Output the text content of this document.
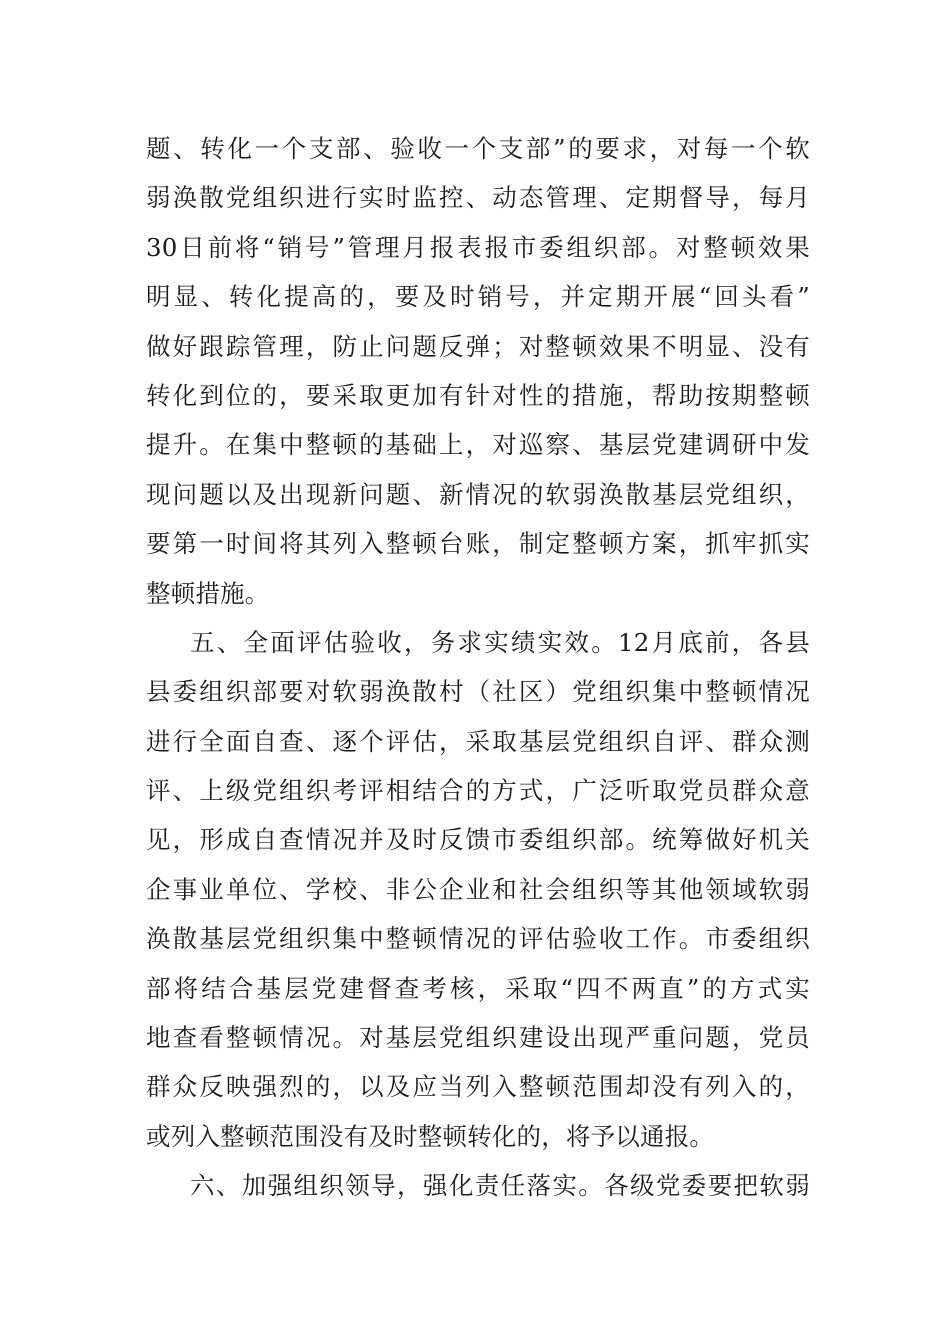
题、转化一个支部、验收一个支部”的要求，对每一个软
弱涣散党组织进行实时监控、动态管理、定期督导，每月
30日前将“销号”管理月报表报市委组织部。对整顿效果
明显、转化提高的，要及时销号，并定期开展“回头看”
做好跟踪管理，防止问题反弹；对整顿效果不明显、没有
转化到位的，要采取更加有针对性的措施，帮助按期整顿
提升。在集中整顿的基础上，对巡察、基层党建调研中发
现问题以及出现新问题、新情况的软弱涣散基层党组织，
要第一时间将其列入整顿台账，制定整顿方案，抓牢抓实
整顿措施。
五、全面评估验收，务求实绩实效。12月底前，各县
县委组织部要对软弱涣散村（社区）党组织集中整顿情况
进行全面自查、逐个评估，采取基层党组织自评、群众测
评、上级党组织考评相结合的方式，广泛听取党员群众意
见，形成自查情况并及时反馈市委组织部。统筹做好机关
企事业单位、学校、非公企业和社会组织等其他领域软弱
涣散基层党组织集中整顿情况的评估验收工作。市委组织
部将结合基层党建督查考核，采取“四不两直”的方式实
地查看整顿情况。对基层党组织建设出现严重问题，党员
群众反映强烈的，以及应当列入整顿范围却没有列入的，
或列入整顿范围没有及时整顿转化的，将予以通报。
六、加强组织领导，强化责任落实。各级党委要把软弱
